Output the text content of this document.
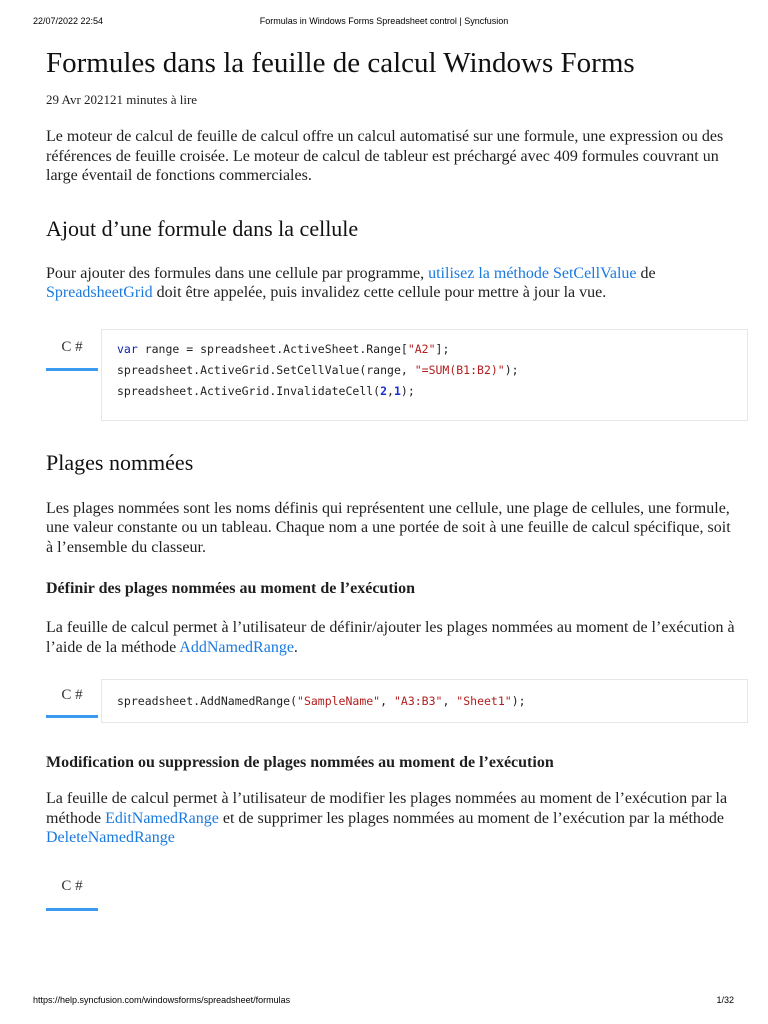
22/07/2022 22:54	Formulas in Windows Forms Spreadsheet control | Syncfusion
Formules dans la feuille de calcul Windows Forms
29 Avr 202121 minutes à lire

Le moteur de calcul de feuille de calcul offre un calcul automatisé sur une formule, une expression ou des références de feuille croisée. Le moteur de calcul de tableur est préchargé avec 409 formules couvrant un large éventail de fonctions commerciales.

Ajout d’une formule dans la cellule

Pour ajouter des formules dans une cellule par programme, utilisez la méthode SetCellValue de SpreadsheetGrid doit être appelée, puis invalidez cette cellule pour mettre à jour la vue.

C #	var range = spreadsheet.ActiveSheet.Range["A2"];
spreadsheet.ActiveGrid.SetCellValue(range, "=SUM(B1:B2)");
spreadsheet.ActiveGrid.InvalidateCell(2,1);
Plages nommées

Les plages nommées sont les noms définis qui représentent une cellule, une plage de cellules, une formule, une valeur constante ou un tableau. Chaque nom a une portée de soit à une feuille de calcul spécifique, soit à l’ensemble du classeur.

Définir des plages nommées au moment de l’exécution

La feuille de calcul permet à l’utilisateur de définir/ajouter les plages nommées au moment de l’exécution à l’aide de la méthode AddNamedRange.

C #	spreadsheet.AddNamedRange("SampleName", "A3:B3", "Sheet1");
Modification ou suppression de plages nommées au moment de l’exécution

La feuille de calcul permet à l’utilisateur de modifier les plages nommées au moment de l’exécution par la méthode EditNamedRange et de supprimer les plages nommées au moment de l’exécution par la méthode DeleteNamedRange

C #
https://help.syncfusion.com/windowsforms/spreadsheet/formulas	1/32
